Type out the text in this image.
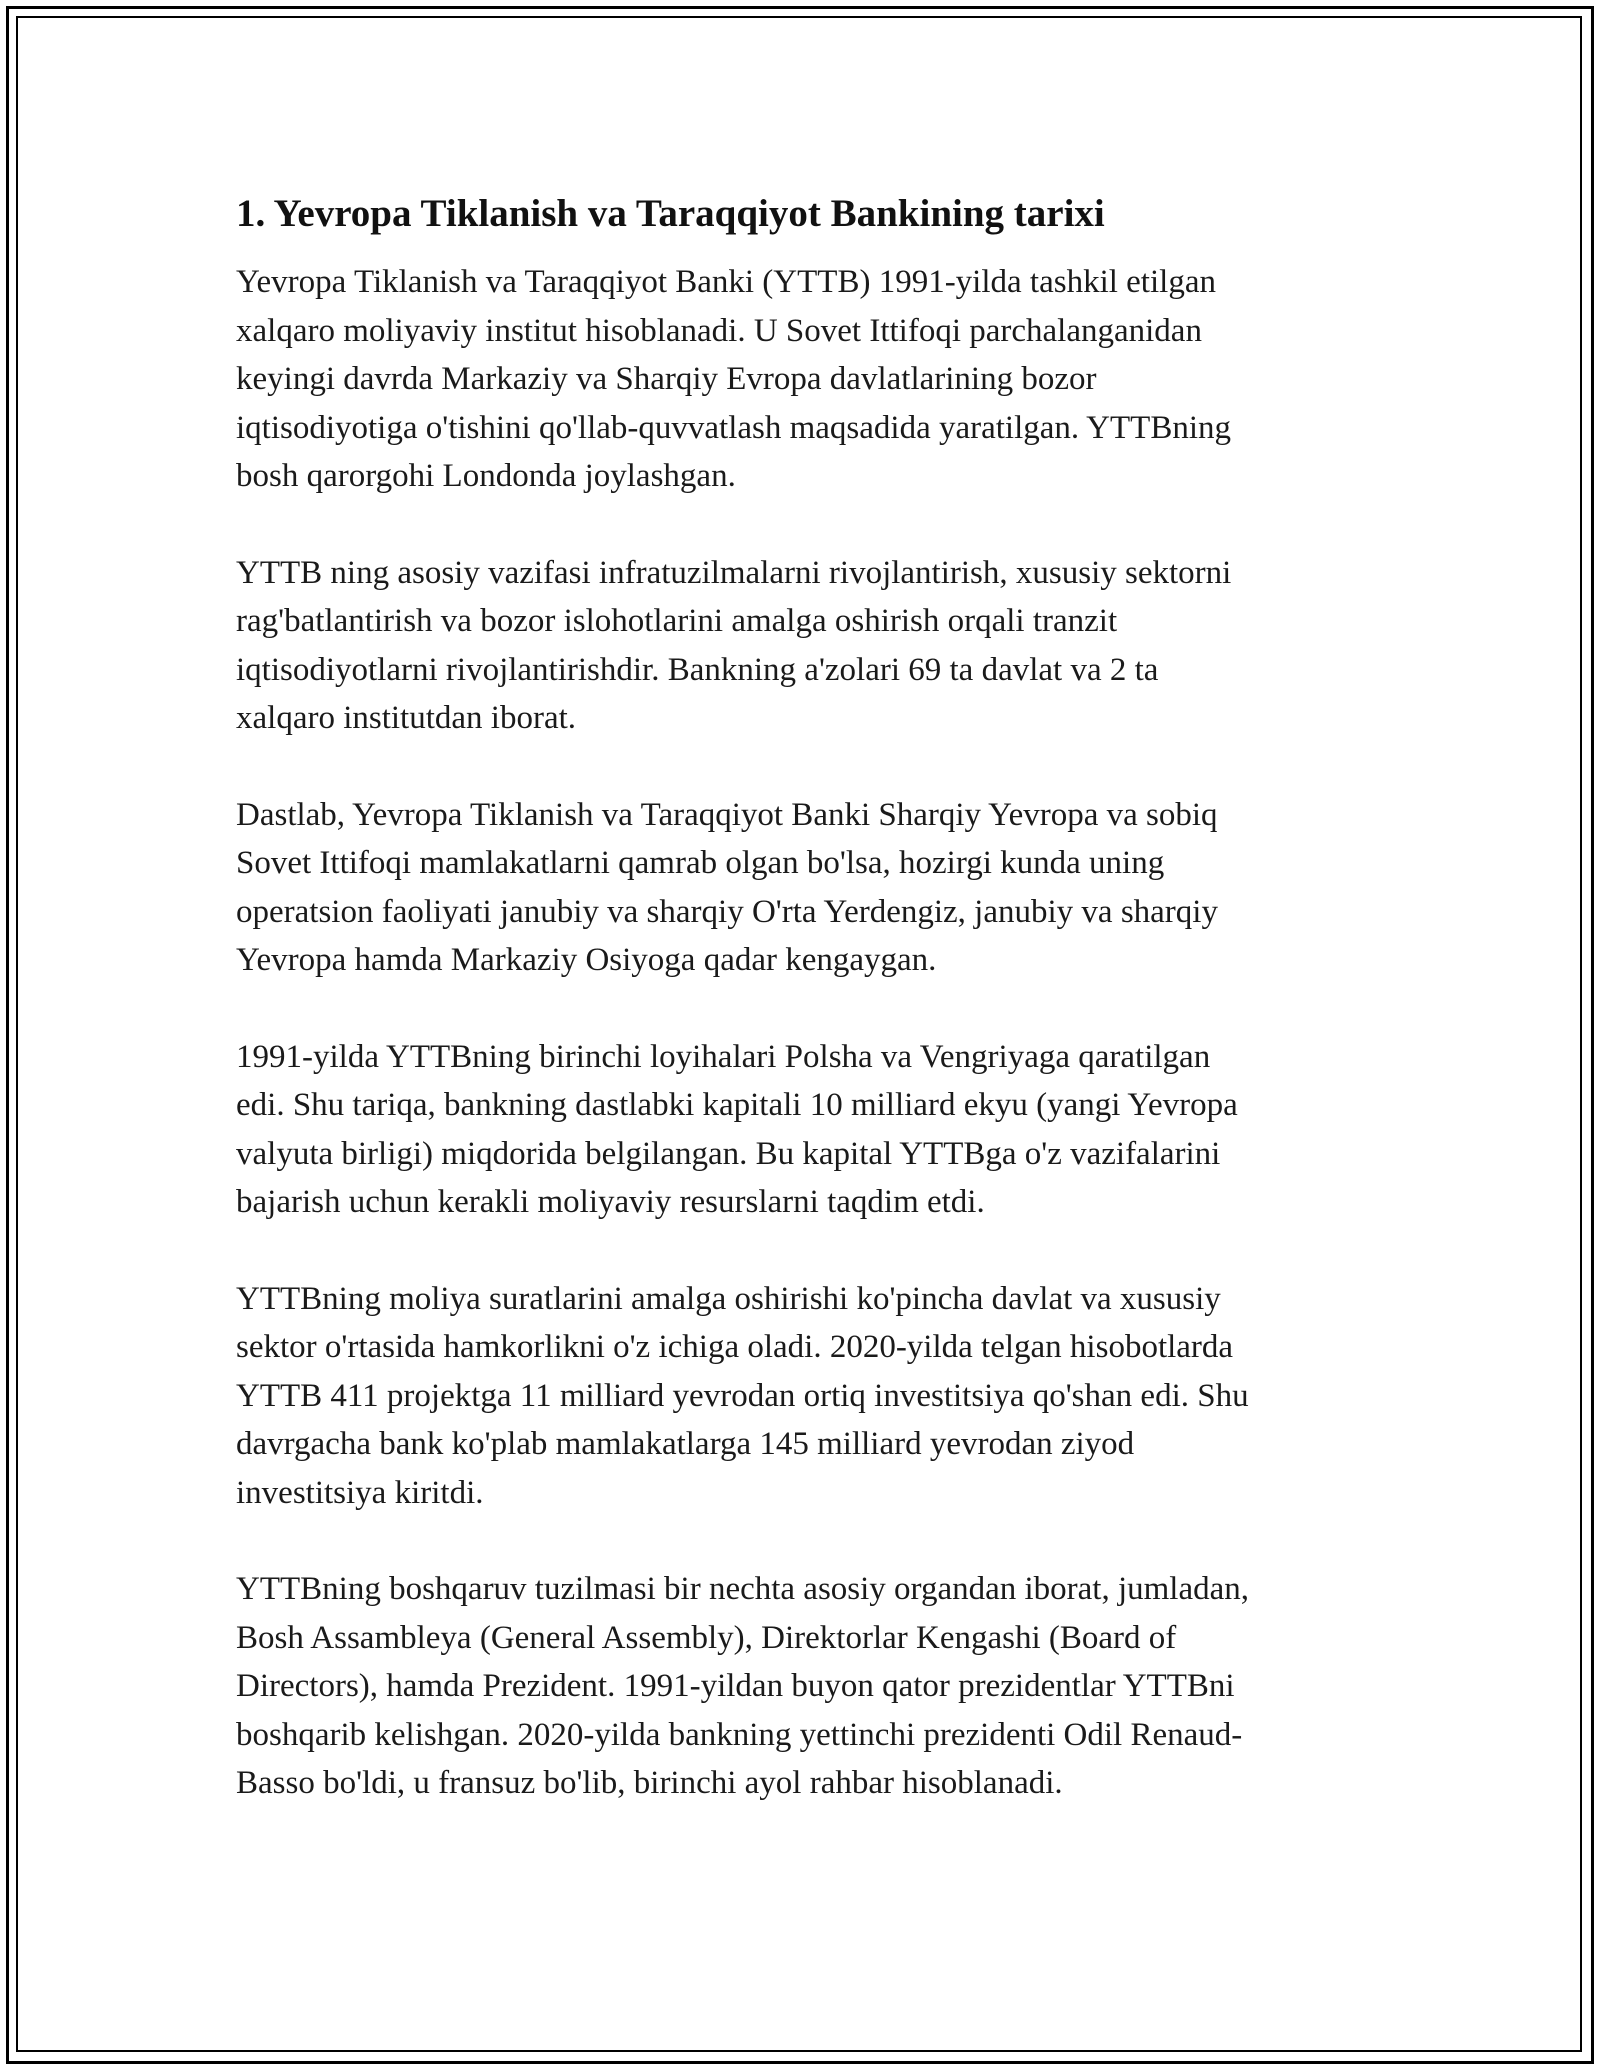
1. Yevropa Tiklanish va Taraqqiyot Bankining tarixi

Yevropa Tiklanish va Taraqqiyot Banki (YTTB) 1991-yilda tashkil etilgan
xalqaro moliyaviy institut hisoblanadi. U Sovet Ittifoqi parchalanganidan
keyingi davrda Markaziy va Sharqiy Evropa davlatlarining bozor
iqtisodiyotiga o'tishini qo'llab-quvvatlash maqsadida yaratilgan. YTTBning
bosh qarorgohi Londonda joylashgan.

YTTB ning asosiy vazifasi infratuzilmalarni rivojlantirish, xususiy sektorni
rag'batlantirish va bozor islohotlarini amalga oshirish orqali tranzit
iqtisodiyotlarni rivojlantirishdir. Bankning a'zolari 69 ta davlat va 2 ta
xalqaro institutdan iborat.

Dastlab, Yevropa Tiklanish va Taraqqiyot Banki Sharqiy Yevropa va sobiq
Sovet Ittifoqi mamlakatlarni qamrab olgan bo'lsa, hozirgi kunda uning
operatsion faoliyati janubiy va sharqiy O'rta Yerdengiz, janubiy va sharqiy
Yevropa hamda Markaziy Osiyoga qadar kengaygan.

1991-yilda YTTBning birinchi loyihalari Polsha va Vengriyaga qaratilgan
edi. Shu tariqa, bankning dastlabki kapitali 10 milliard ekyu (yangi Yevropa
valyuta birligi) miqdorida belgilangan. Bu kapital YTTBga o'z vazifalarini
bajarish uchun kerakli moliyaviy resurslarni taqdim etdi.

YTTBning moliya suratlarini amalga oshirishi ko'pincha davlat va xususiy
sektor o'rtasida hamkorlikni o'z ichiga oladi. 2020-yilda telgan hisobotlarda
YTTB 411 projektga 11 milliard yevrodan ortiq investitsiya qo'shan edi. Shu
davrgacha bank ko'plab mamlakatlarga 145 milliard yevrodan ziyod
investitsiya kiritdi.

YTTBning boshqaruv tuzilmasi bir nechta asosiy organdan iborat, jumladan,
Bosh Assambleya (General Assembly), Direktorlar Kengashi (Board of
Directors), hamda Prezident. 1991-yildan buyon qator prezidentlar YTTBni
boshqarib kelishgan. 2020-yilda bankning yettinchi prezidenti Odil Renaud-
Basso bo'ldi, u fransuz bo'lib, birinchi ayol rahbar hisoblanadi.
